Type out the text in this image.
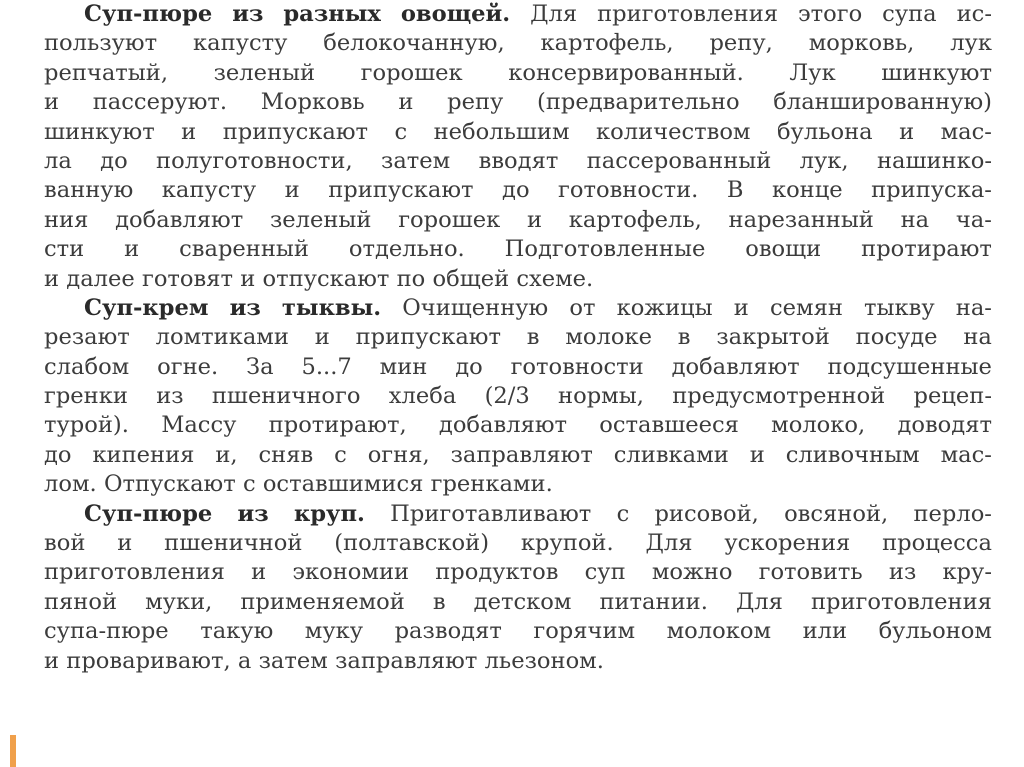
Суп-пюре из разных овощей. Для приготовления этого супа ис-
пользуют капусту белокочанную, картофель, репу, морковь, лук
репчатый, зеленый горошек консервированный. Лук шинкуют
и пассеруют. Морковь и репу (предварительно бланшированную)
шинкуют и припускают с небольшим количеством бульона и мас-
ла до полуготовности, затем вводят пассерованный лук, нашинко-
ванную капусту и припускают до готовности. В конце припуска-
ния добавляют зеленый горошек и картофель, нарезанный на ча-
сти и сваренный отдельно. Подготовленные овощи протирают
и далее готовят и отпускают по общей схеме.
Суп-крем из тыквы. Очищенную от кожицы и семян тыкву на-
резают ломтиками и припускают в молоке в закрытой посуде на
слабом огне. За 5...7 мин до готовности добавляют подсушенные
гренки из пшеничного хлеба (2/3 нормы, предусмотренной рецеп-
турой). Массу протирают, добавляют оставшееся молоко, доводят
до кипения и, сняв с огня, заправляют сливками и сливочным мас-
лом. Отпускают с оставшимися гренками.
Суп-пюре из круп. Приготавливают с рисовой, овсяной, перло-
вой и пшеничной (полтавской) крупой. Для ускорения процесса
приготовления и экономии продуктов суп можно готовить из кру-
пяной муки, применяемой в детском питании. Для приготовления
супа-пюре такую муку разводят горячим молоком или бульоном
и проваривают, а затем заправляют льезоном.
